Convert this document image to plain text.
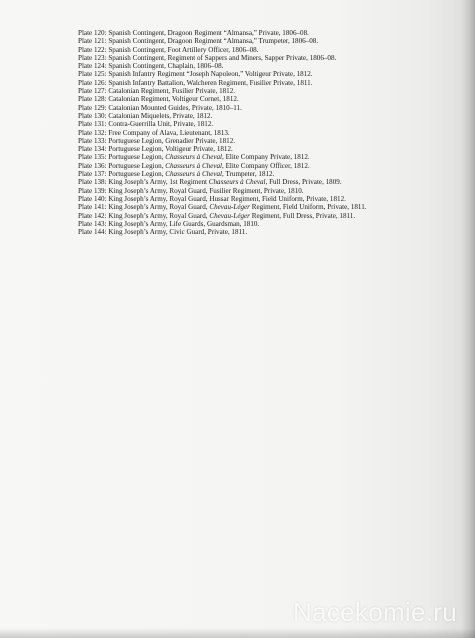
Plate 120: Spanish Contingent, Dragoon Regiment “Almansa,” Private, 1806–08.
Plate 121: Spanish Contingent, Dragoon Regiment “Almansa,” Trumpeter, 1806–08.
Plate 122: Spanish Contingent, Foot Artillery Officer, 1806–08.
Plate 123: Spanish Contingent, Regiment of Sappers and Miners, Sapper Private, 1806–08.
Plate 124: Spanish Contingent, Chaplain, 1806–08.
Plate 125: Spanish Infantry Regiment “Joseph Napoleon,” Voltigeur Private, 1812.
Plate 126: Spanish Infantry Battalion, Walcheren Regiment, Fusilier Private, 1811.
Plate 127: Catalonian Regiment, Fusilier Private, 1812.
Plate 128: Catalonian Regiment, Voltigeur Cornet, 1812.
Plate 129: Catalonian Mounted Guides, Private, 1810–11.
Plate 130: Catalonian Miquelets, Private, 1812.
Plate 131: Contra-Guerrilla Unit, Private, 1812.
Plate 132: Free Company of Alava, Lieutenant, 1813.
Plate 133: Portuguese Legion, Grenadier Private, 1812.
Plate 134: Portuguese Legion, Voltigeur Private, 1812.
Plate 135: Portuguese Legion, Chasseurs à Cheval, Elite Company Private, 1812.
Plate 136: Portuguese Legion, Chasseurs à Cheval, Elite Company Officer, 1812.
Plate 137: Portuguese Legion, Chasseurs à Cheval, Trumpeter, 1812.
Plate 138: King Joseph’s Army, 1st Regiment Chasseurs à Cheval, Full Dress, Private, 1809.
Plate 139: King Joseph’s Army, Royal Guard, Fusilier Regiment, Private, 1810.
Plate 140: King Joseph’s Army, Royal Guard, Hussar Regiment, Field Uniform, Private, 1812.
Plate 141: King Joseph’s Army, Royal Guard, Chevau-Léger Regiment, Field Uniform, Private, 1811.
Plate 142: King Joseph’s Army, Royal Guard, Chevau-Léger Regiment, Full Dress, Private, 1811.
Plate 143: King Joseph’s Army, Life Guards, Guardsman, 1810.
Plate 144: King Joseph’s Army, Civic Guard, Private, 1811.
Nacekomie.ru
